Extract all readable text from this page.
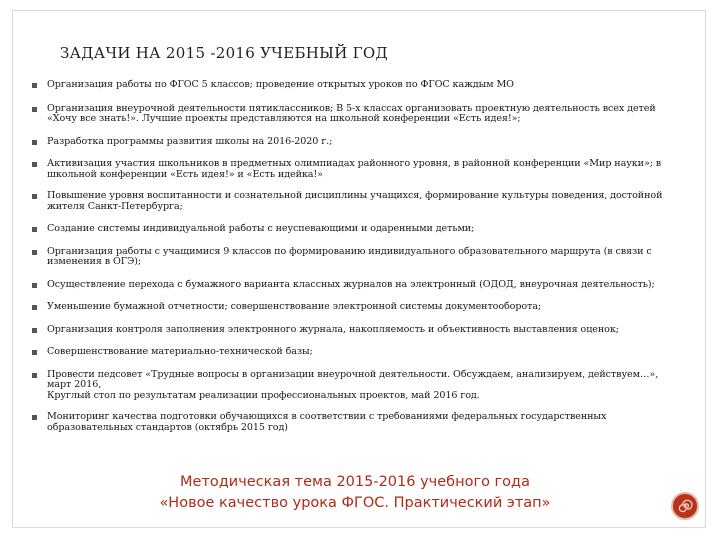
ЗАДАЧИ НА 2015 -2016 УЧЕБНЫЙ ГОД
Организация работы по ФГОС 5 классов; проведение открытых уроков по ФГОС каждым МО
Организация внеурочной деятельности пятиклассников; В 5-х классах организовать проектную деятельность всех детей «Хочу все знать!». Лучшие проекты представляются на школьной конференции «Есть идея!»;
Разработка программы развития школы на 2016-2020 г.;
Активизация участия школьников в предметных олимпиадах районного уровня, в районной конференции «Мир науки»; в школьной конференции «Есть идея!» и «Есть идейка!»
Повышение уровня воспитанности и сознательной дисциплины учащихся, формирование культуры поведения, достойной жителя Санкт-Петербурга;
Создание системы индивидуальной работы с неуспевающими и одаренными детьми;
Организация работы с учащимися 9 классов по формированию индивидуального образовательного маршрута (в связи с изменения в ОГЭ);
Осуществление перехода с бумажного варианта классных журналов на электронный (ОДОД, внеурочная деятельность);
Уменьшение бумажной отчетности; совершенствование электронной системы документооборота;
Организация контроля заполнения электронного журнала, накопляемость и объективность выставления оценок;
Совершенствование материально-технической базы;
Провести педсовет «Трудные вопросы в организации внеурочной деятельности. Обсуждаем, анализируем, действуем…», март 2016,
Круглый стол по результатам реализации профессиональных проектов, май 2016 год.
Мониторинг качества подготовки обучающихся в соответствии с требованиями федеральных государственных образовательных стандартов (октябрь 2015 год)
Методическая тема 2015-2016 учебного года
«Новое качество урока ФГОС. Практический этап»
